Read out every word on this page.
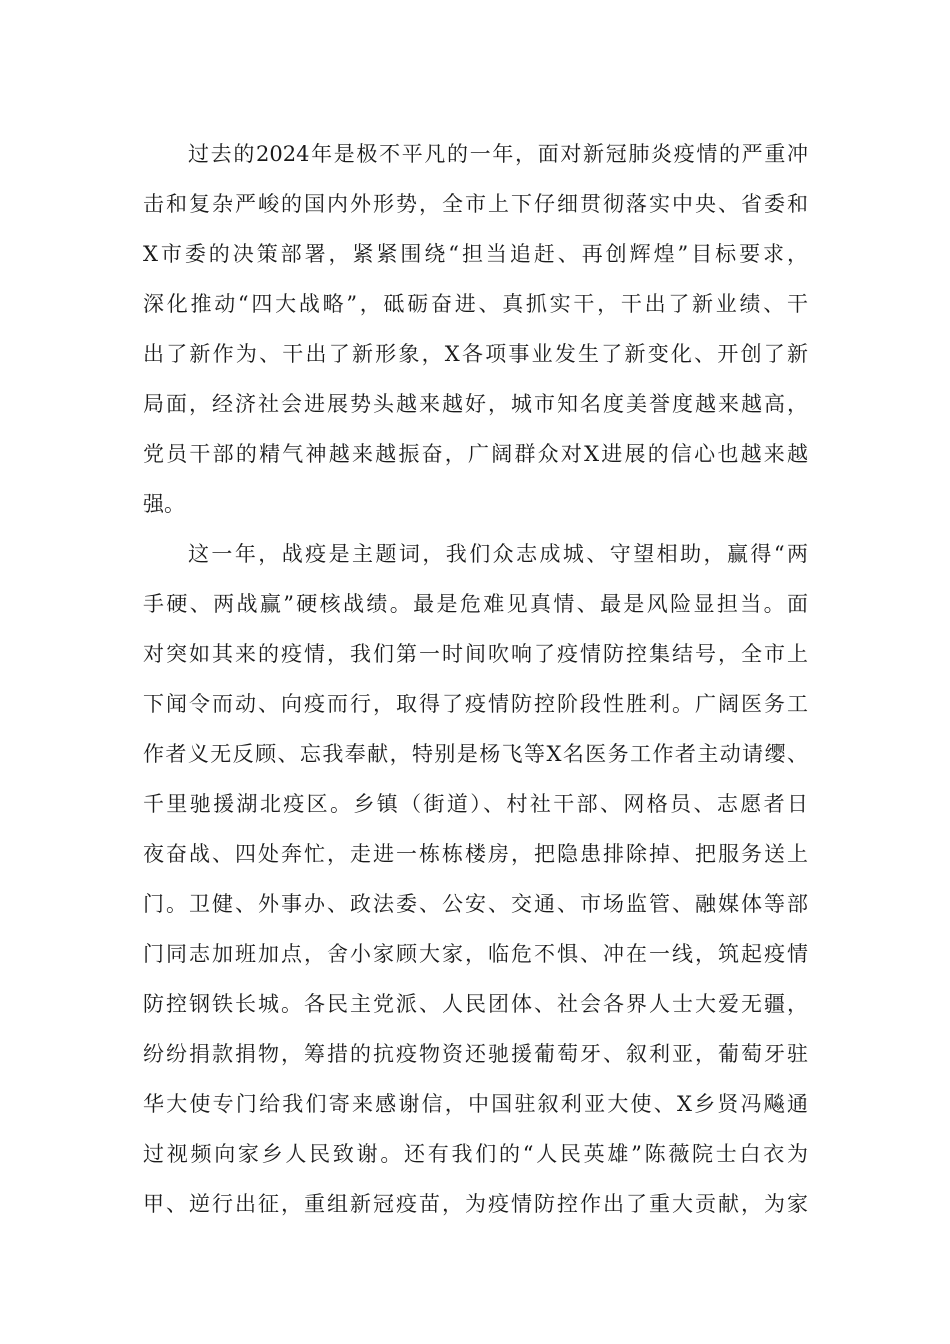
过去的2024年是极不平凡的一年，面对新冠肺炎疫情的严重冲
击和复杂严峻的国内外形势，全市上下仔细贯彻落实中央、省委和
X市委的决策部署，紧紧围绕“担当追赶、再创辉煌”目标要求，
深化推动“四大战略”，砥砺奋进、真抓实干，干出了新业绩、干
出了新作为、干出了新形象，X各项事业发生了新变化、开创了新
局面，经济社会进展势头越来越好，城市知名度美誉度越来越高，
党员干部的精气神越来越振奋，广阔群众对X进展的信心也越来越
强。
这一年，战疫是主题词，我们众志成城、守望相助，赢得“两
手硬、两战赢”硬核战绩。最是危难见真情、最是风险显担当。面
对突如其来的疫情，我们第一时间吹响了疫情防控集结号，全市上
下闻令而动、向疫而行，取得了疫情防控阶段性胜利。广阔医务工
作者义无反顾、忘我奉献，特别是杨飞等X名医务工作者主动请缨、
千里驰援湖北疫区。乡镇（街道）、村社干部、网格员、志愿者日
夜奋战、四处奔忙，走进一栋栋楼房，把隐患排除掉、把服务送上
门。卫健、外事办、政法委、公安、交通、市场监管、融媒体等部
门同志加班加点，舍小家顾大家，临危不惧、冲在一线，筑起疫情
防控钢铁长城。各民主党派、人民团体、社会各界人士大爱无疆，
纷纷捐款捐物，筹措的抗疫物资还驰援葡萄牙、叙利亚，葡萄牙驻
华大使专门给我们寄来感谢信，中国驻叙利亚大使、X乡贤冯飚通
过视频向家乡人民致谢。还有我们的“人民英雄”陈薇院士白衣为
甲、逆行出征，重组新冠疫苗，为疫情防控作出了重大贡献，为家
